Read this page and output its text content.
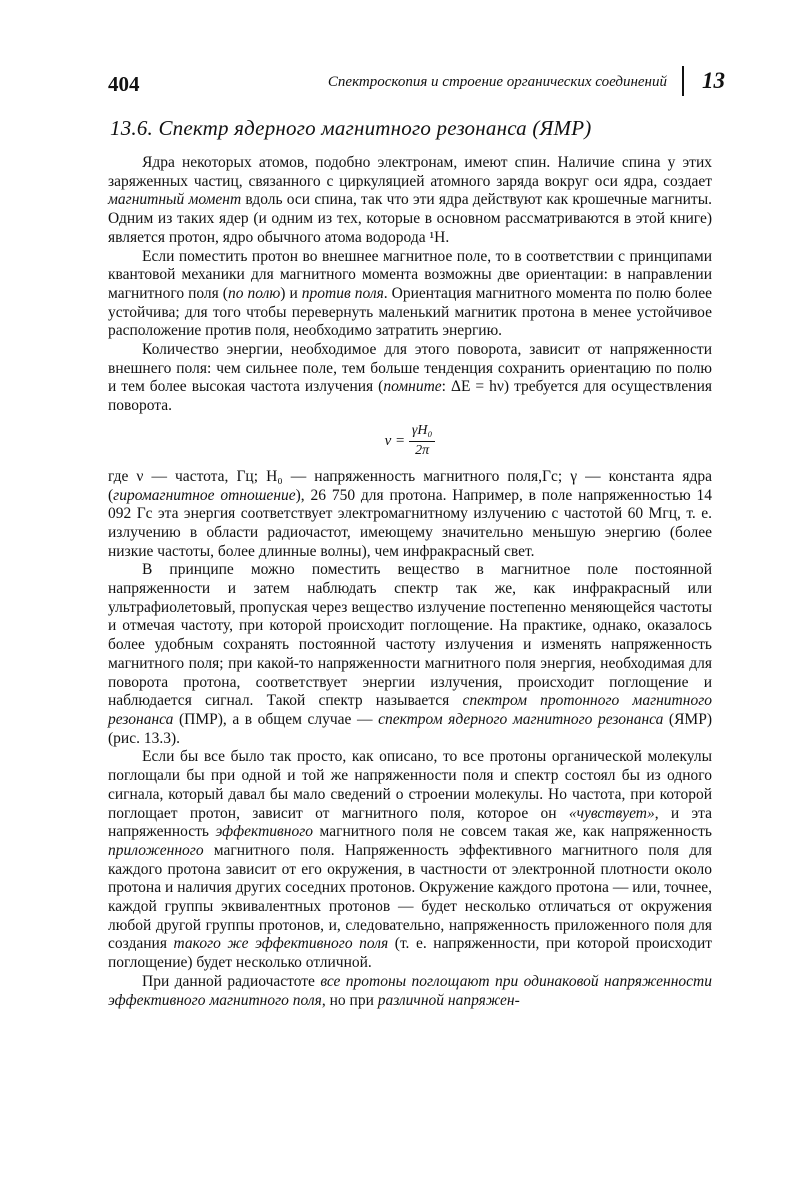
404	Спектроскопия и строение органических соединений 13
13.6. Спектр ядерного магнитного резонанса (ЯМР)

Ядра некоторых атомов, подобно электронам, имеют спин. Наличие спина у этих заряженных частиц, связанного с циркуляцией атомного заряда вокруг оси ядра, создает магнитный момент вдоль оси спина, так что эти ядра действуют как крошечные магниты. Одним из таких ядер (и одним из тех, которые в основном рассматриваются в этой книге) является протон, ядро обычного атома водорода ¹H.

Если поместить протон во внешнее магнитное поле, то в соответствии с принципами квантовой механики для магнитного момента возможны две ориентации: в направлении магнитного поля (по полю) и против поля. Ориентация магнитного момента по полю более устойчива; для того чтобы перевернуть маленький магнитик протона в менее устойчивое расположение против поля, необходимо затратить энергию.

Количество энергии, необходимое для этого поворота, зависит от напряженности внешнего поля: чем сильнее поле, тем больше тенденция сохранить ориентацию по полю и тем более высокая частота излучения (помните: ΔE = hν) требуется для осуществления поворота.

$\nu = \frac{\text{γH₀}}{2\pi}$

где ν — частота, Гц; H₀ — напряженность магнитного поля,Гс; γ — константа ядра (гиромагнитное отношение), 26 750 для протона. Например, в поле напряженностью 14 092 Гс эта энергия соответствует электромагнитному излучению с частотой 60 Мгц, т. е. излучению в области радиочастот, имеющему значительно меньшую энергию (более низкие частоты, более длинные волны), чем инфракрасный свет.

В принципе можно поместить вещество в магнитное поле постоянной напряженности и затем наблюдать спектр так же, как инфракрасный или ультрафиолетовый, пропуская через вещество излучение постепенно меняющейся частоты и отмечая частоту, при которой происходит поглощение. На практике, однако, оказалось более удобным сохранять постоянной частоту излучения и изменять напряженность магнитного поля; при какой-то напряженности магнитного поля энергия, необходимая для поворота протона, соответствует энергии излучения, происходит поглощение и наблюдается сигнал. Такой спектр называется спектром протонного магнитного резонанса (ПМР), а в общем случае — спектром ядерного магнитного резонанса (ЯМР) (рис. 13.3).

Если бы все было так просто, как описано, то все протоны органической молекулы поглощали бы при одной и той же напряженности поля и спектр состоял бы из одного сигнала, который давал бы мало сведений о строении молекулы. Но частота, при которой поглощает протон, зависит от магнитного поля, которое он «чувствует», и эта напряженность эффективного магнитного поля не совсем такая же, как напряженность приложенного магнитного поля. Напряженность эффективного магнитного поля для каждого протона зависит от его окружения, в частности от электронной плотности около протона и наличия других соседних протонов. Окружение каждого протона — или, точнее, каждой группы эквивалентных протонов — будет несколько отличаться от окружения любой другой группы протонов, и, следовательно, напряженность приложенного поля для создания такого же эффективного поля (т. е. напряженности, при которой происходит поглощение) будет несколько отличной.

При данной радиочастоте все протоны поглощают при одинаковой напряженности эффективного магнитного поля, но при различной напряжен-
